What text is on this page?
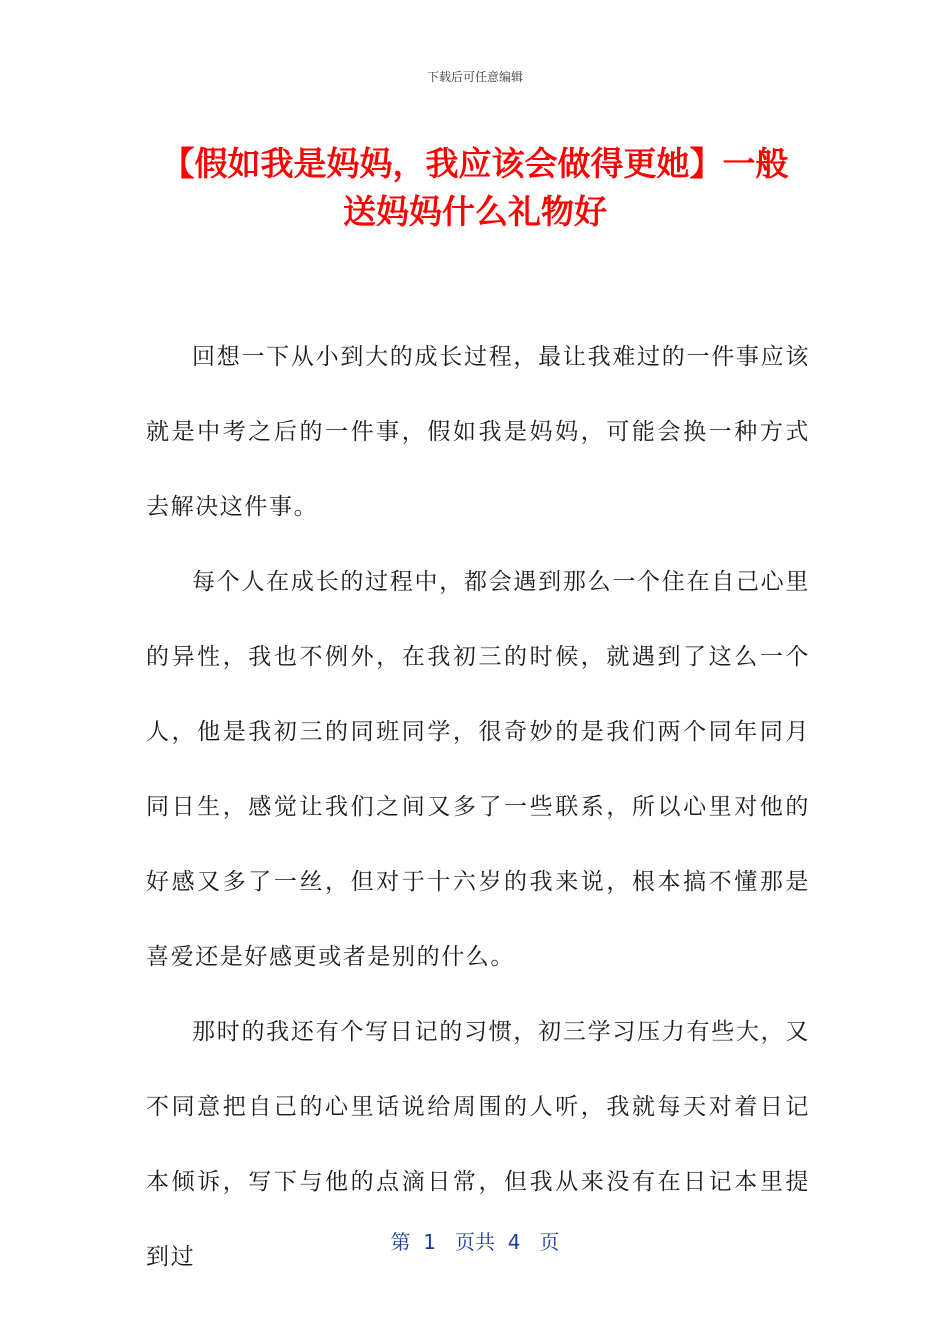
下载后可任意编辑
【假如我是妈妈，我应该会做得更她】一般
送妈妈什么礼物好

回想一下从小到大的成长过程，最让我难过的一件事应该就是中考之后的一件事，假如我是妈妈，可能会换一种方式去解决这件事。

每个人在成长的过程中，都会遇到那么一个住在自己心里的异性，我也不例外，在我初三的时候，就遇到了这么一个人，他是我初三的同班同学，很奇妙的是我们两个同年同月同日生，感觉让我们之间又多了一些联系，所以心里对他的好感又多了一丝，但对于十六岁的我来说，根本搞不懂那是喜爱还是好感更或者是别的什么。

那时的我还有个写日记的习惯，初三学习压力有些大，又不同意把自己的心里话说给周围的人听，我就每天对着日记本倾诉，写下与他的点滴日常，但我从来没有在日记本里提到过

第  1   页共  4   页
